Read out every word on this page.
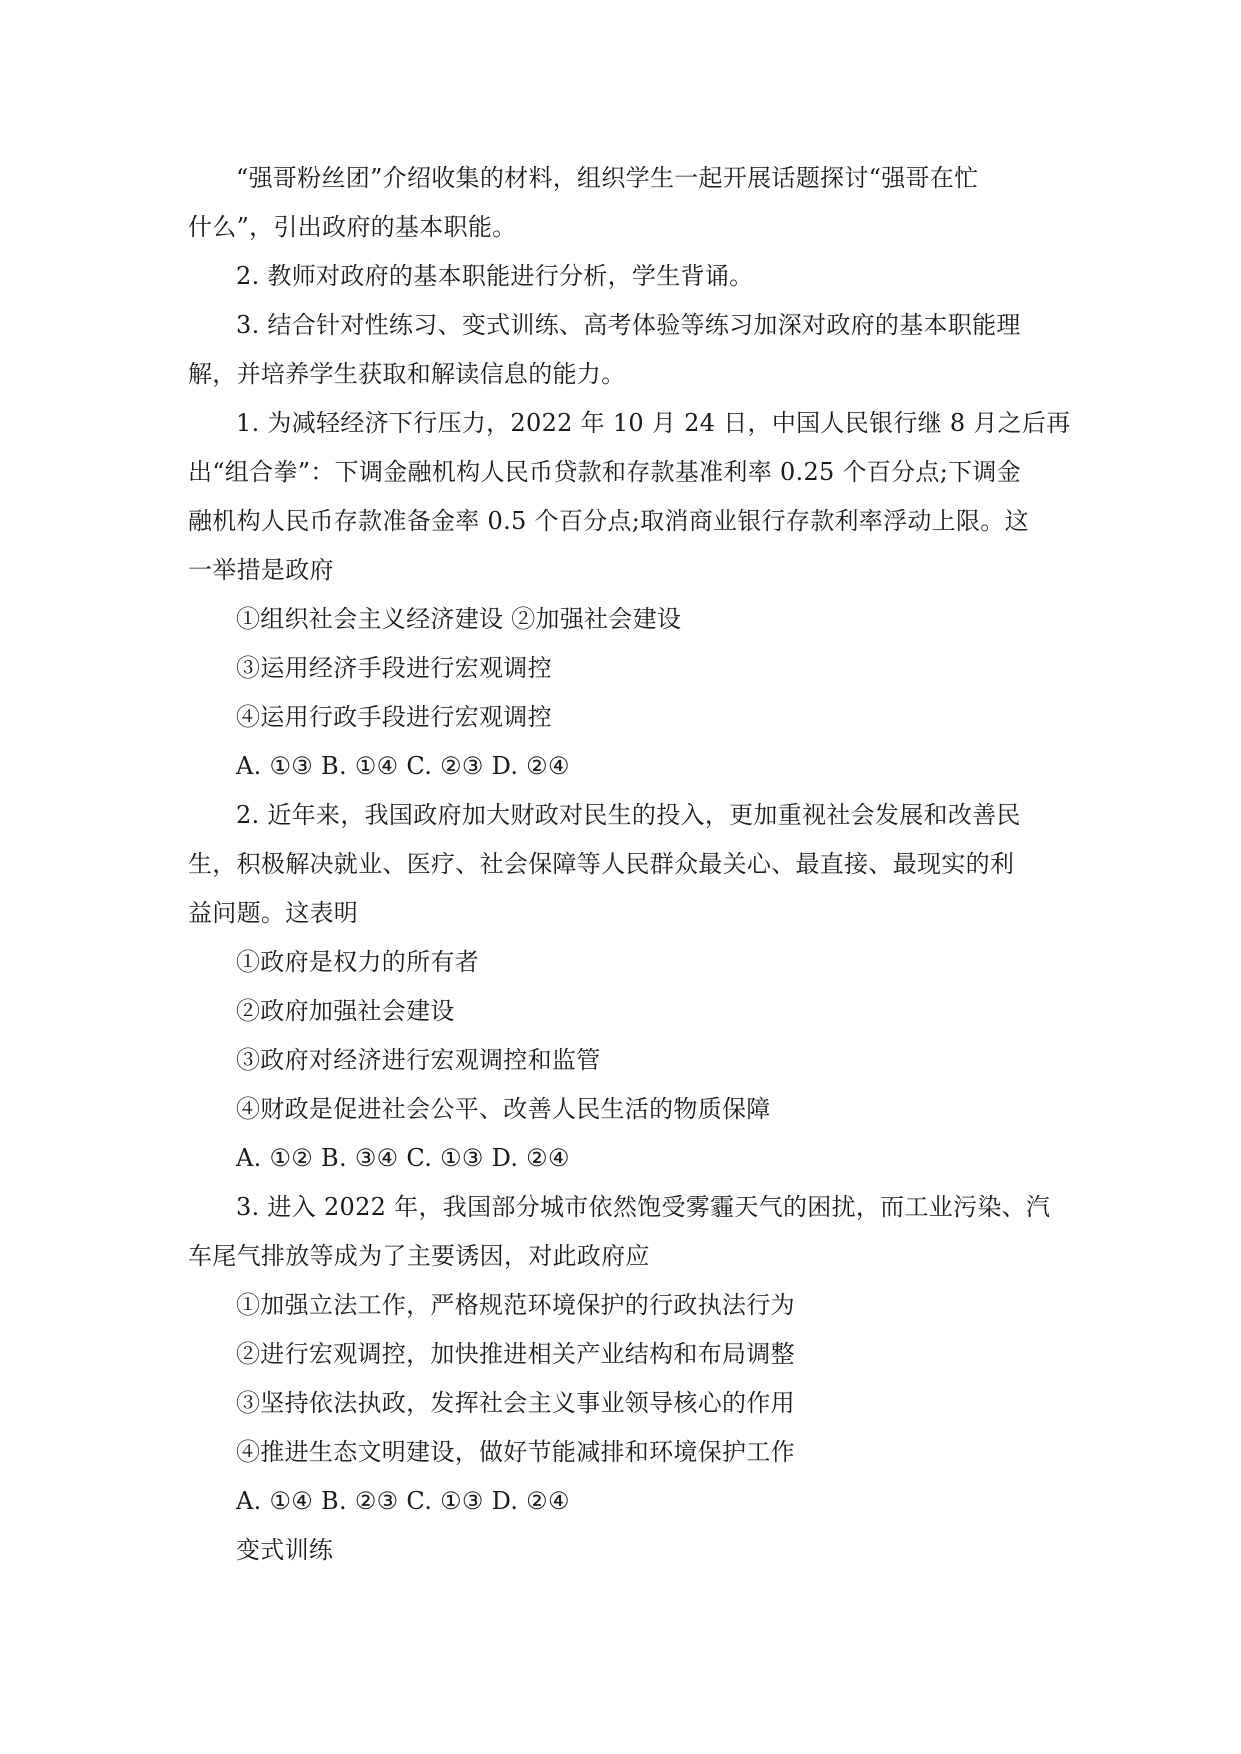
“强哥粉丝团”介绍收集的材料，组织学生一起开展话题探讨“强哥在忙
什么”，引出政府的基本职能。
2. 教师对政府的基本职能进行分析，学生背诵。
3. 结合针对性练习、变式训练、高考体验等练习加深对政府的基本职能理
解，并培养学生获取和解读信息的能力。
1. 为减轻经济下行压力，2022 年 10 月 24 日，中国人民银行继 8 月之后再
出“组合拳”：下调金融机构人民币贷款和存款基准利率 0.25 个百分点;下调金
融机构人民币存款准备金率 0.5 个百分点;取消商业银行存款利率浮动上限。这
一举措是政府
①组织社会主义经济建设 ②加强社会建设
③运用经济手段进行宏观调控
④运用行政手段进行宏观调控
A. ①③ B. ①④ C. ②③ D. ②④
2. 近年来，我国政府加大财政对民生的投入，更加重视社会发展和改善民
生，积极解决就业、医疗、社会保障等人民群众最关心、最直接、最现实的利
益问题。这表明
①政府是权力的所有者
②政府加强社会建设
③政府对经济进行宏观调控和监管
④财政是促进社会公平、改善人民生活的物质保障
A. ①② B. ③④ C. ①③ D. ②④
3. 进入 2022 年，我国部分城市依然饱受雾霾天气的困扰，而工业污染、汽
车尾气排放等成为了主要诱因，对此政府应
①加强立法工作，严格规范环境保护的行政执法行为
②进行宏观调控，加快推进相关产业结构和布局调整
③坚持依法执政，发挥社会主义事业领导核心的作用
④推进生态文明建设，做好节能减排和环境保护工作
A. ①④ B. ②③ C. ①③ D. ②④
变式训练
